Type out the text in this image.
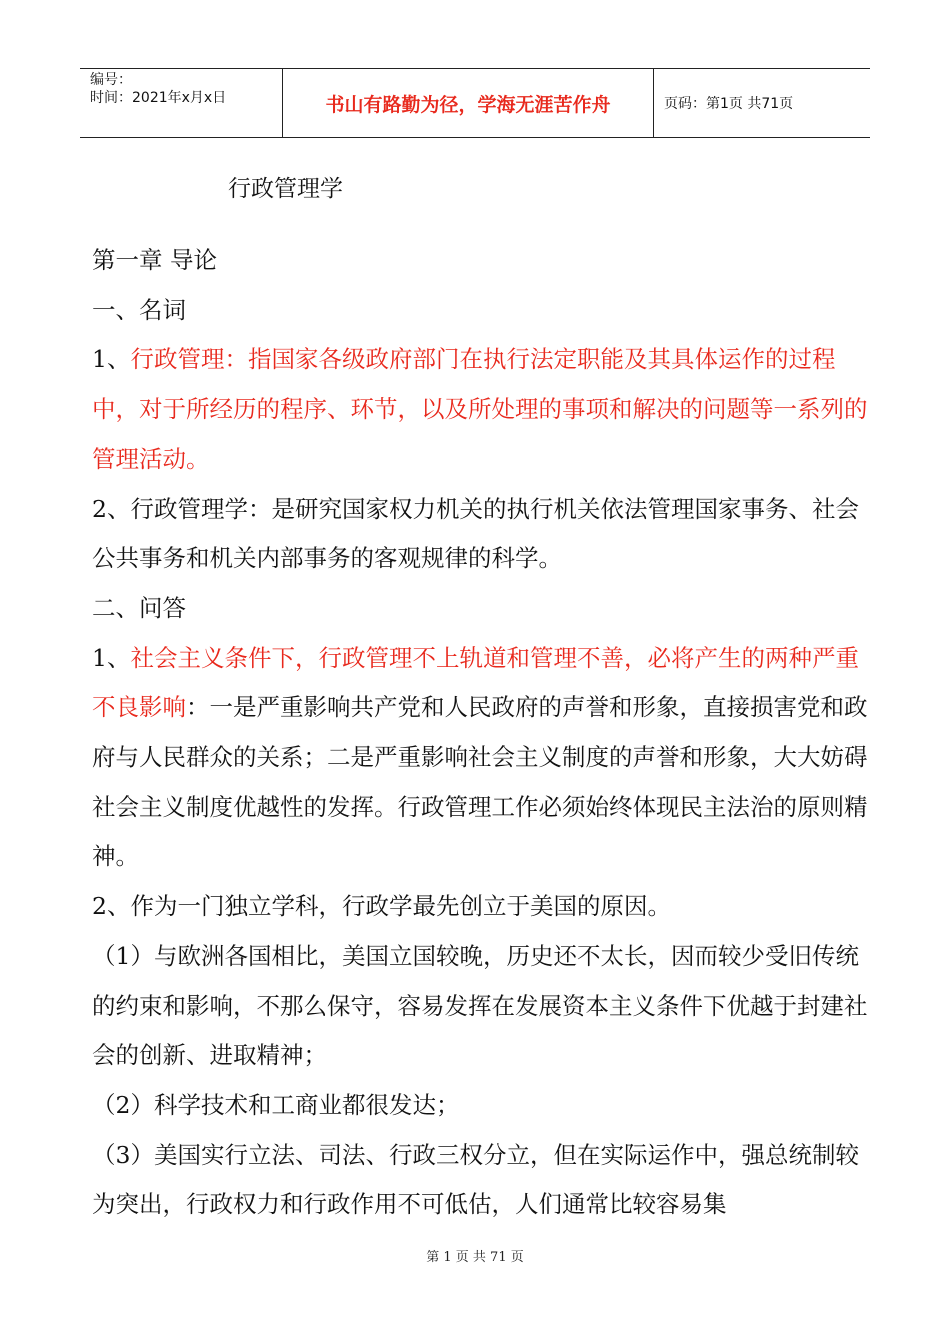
编号：
时间：2021年x月x日	书山有路勤为径，学海无涯苦作舟	页码：第1页 共71页
行政管理学

第一章 导论

一、名词

1、行政管理：指国家各级政府部门在执行法定职能及其具体运作的过程中，对于所经历的程序、环节，以及所处理的事项和解决的问题等一系列的管理活动。

2、行政管理学：是研究国家权力机关的执行机关依法管理国家事务、社会公共事务和机关内部事务的客观规律的科学。

二、问答

1、社会主义条件下，行政管理不上轨道和管理不善，必将产生的两种严重不良影响：一是严重影响共产党和人民政府的声誉和形象，直接损害党和政府与人民群众的关系；二是严重影响社会主义制度的声誉和形象，大大妨碍社会主义制度优越性的发挥。行政管理工作必须始终体现民主法治的原则精神。

2、作为一门独立学科，行政学最先创立于美国的原因。

（1）与欧洲各国相比，美国立国较晚，历史还不太长，因而较少受旧传统的约束和影响，不那么保守，容易发挥在发展资本主义条件下优越于封建社会的创新、进取精神；

（2）科学技术和工商业都很发达；

（3）美国实行立法、司法、行政三权分立，但在实际运作中，强总统制较为突出，行政权力和行政作用不可低估，人们通常比较容易集

第 1 页 共 71 页
